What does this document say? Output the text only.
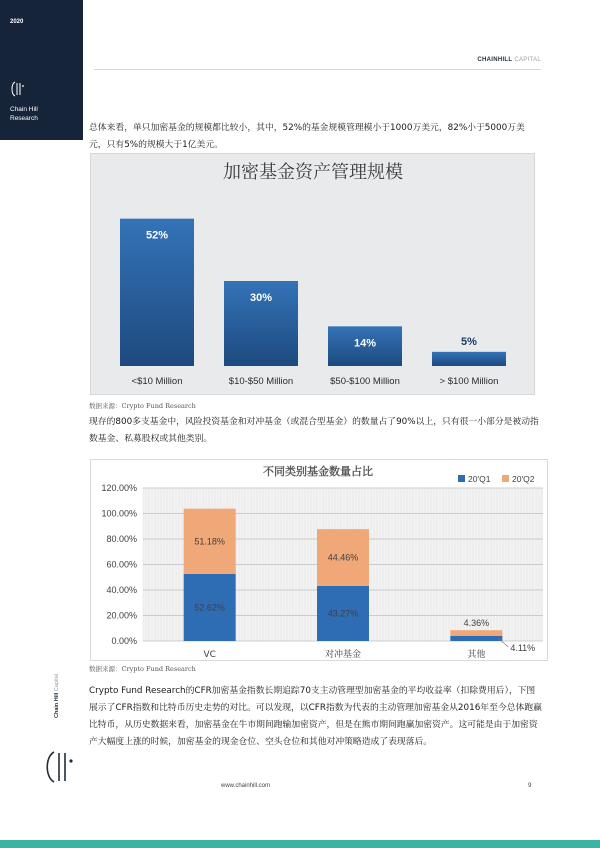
2020
Chain Hill
Research
CHAINHILL CAPITAL
总体来看，单只加密基金的规模都比较小，其中，52%的基金规模管理模小于1000万美元，82%小于5000万美元，只有5%的规模大于1亿美元。
加密基金资产管理规模
52%
<$10 Million
30%
$10-$50 Million
14%
$50-$100 Million
5%
> $100 Million
数据来源：Crypto Fund Research
现存的800多支基金中，风险投资基金和对冲基金（或混合型基金）的数量占了90%以上，只有很一小部分是被动指数基金、私募股权或其他类别。
不同类别基金数量占比
20'Q1	20'Q2
0.00%
20.00%
40.00%
60.00%
80.00%
100.00%
120.00%
52.62%
51.18%
VC
43.27%
44.46%
对冲基金
4.11%
4.36%
其他
数据来源：Crypto Fund Research
Crypto Fund Research的CFR加密基金指数长期追踪70支主动管理型加密基金的平均收益率（扣除费用后），下图展示了CFR指数和比特币历史走势的对比。可以发现，以CFR指数为代表的主动管理加密基金从2016年至今总体跑赢比特币，从历史数据来看，加密基金在牛市期间跑输加密资产，但是在熊市期间跑赢加密资产。这可能是由于加密资产大幅度上涨的时候，加密基金的现金仓位、空头仓位和其他对冲策略造成了表现落后。
Chain Hill Capital
www.chainhill.com	9
